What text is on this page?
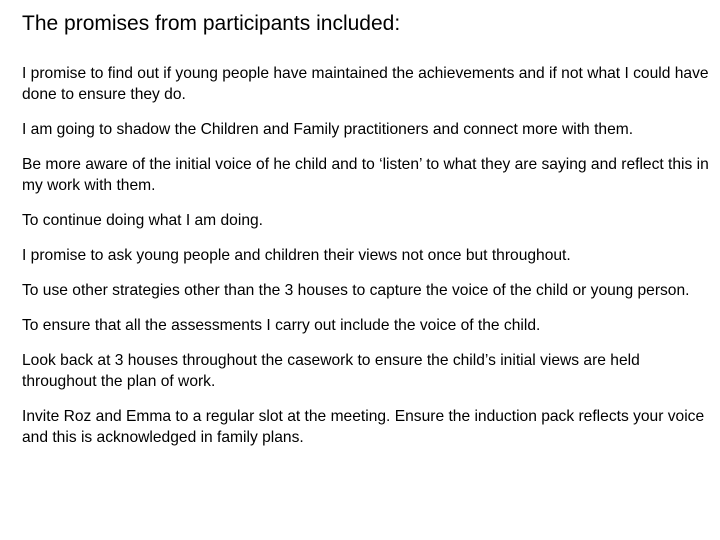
The promises from participants included:
I promise to find out if young people have maintained the achievements and if not what I could have done to ensure they do.
I am going to shadow the Children and Family practitioners and connect more with them.
Be more aware of the initial voice of he child and to ‘listen’ to what they are saying and reflect this in my work with them.
To continue doing what I am doing.
I promise to ask young people and children their views not once but throughout.
To use other strategies other than the 3 houses to capture the voice of the child or young person.
To ensure that all the assessments I carry out include the voice of the child.
Look back at 3 houses throughout the casework to ensure the child’s initial views are held throughout the plan of work.
Invite Roz and Emma to a regular slot at the meeting. Ensure the induction pack reflects your voice and this is acknowledged in family plans.
